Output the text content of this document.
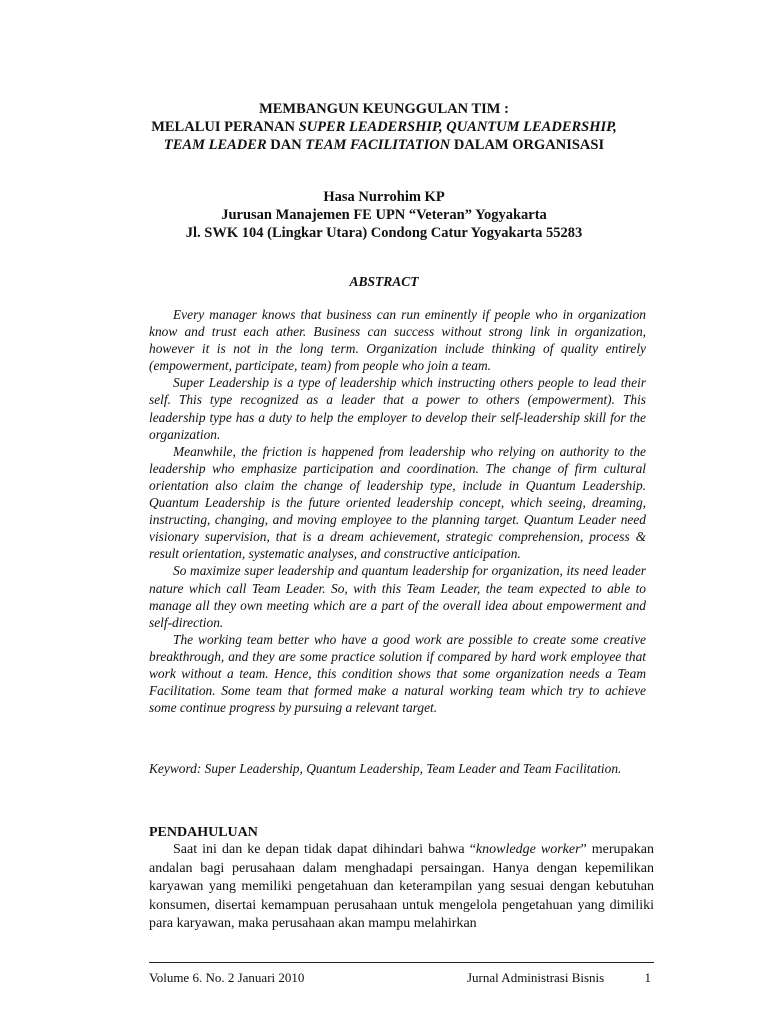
MEMBANGUN KEUNGGULAN TIM :
MELALUI PERANAN SUPER LEADERSHIP, QUANTUM LEADERSHIP,
TEAM LEADER DAN TEAM FACILITATION DALAM ORGANISASI
Hasa Nurrohim KP
Jurusan Manajemen FE UPN “Veteran” Yogyakarta
Jl. SWK 104 (Lingkar Utara) Condong Catur Yogyakarta 55283
ABSTRACT

Every manager knows that business can run eminently if people who in organization know and trust each ather. Business can success without strong link in organization, however it is not in the long term. Organization include thinking of quality entirely (empowerment, participate, team) from people who join a team.

Super Leadership is a type of leadership which instructing others people to lead their self. This type recognized as a leader that a power to others (empowerment). This leadership type has a duty to help the employer to develop their self-leadership skill for the organization.

Meanwhile, the friction is happened from leadership who relying on authority to the leadership who emphasize participation and coordination. The change of firm cultural orientation also claim the change of leadership type, include in Quantum Leadership. Quantum Leadership is the future oriented leadership concept, which seeing, dreaming, instructing, changing, and moving employee to the planning target. Quantum Leader need visionary supervision, that is a dream achievement, strategic comprehension, process & result orientation, systematic analyses, and constructive anticipation.

So maximize super leadership and quantum leadership for organization, its need leader nature which call Team Leader. So, with this Team Leader, the team expected to able to manage all they own meeting which are a part of the overall idea about empowerment and self-direction.

The working team better who have a good work are possible to create some creative breakthrough, and they are some practice solution if compared by hard work employee that work without a team. Hence, this condition shows that some organization needs a Team Facilitation. Some team that formed make a natural working team which try to achieve some continue progress by pursuing a relevant target.

Keyword: Super Leadership, Quantum Leadership, Team Leader and Team Facilitation.
PENDAHULUAN

Saat ini dan ke depan tidak dapat dihindari bahwa “knowledge worker” merupakan andalan bagi perusahaan dalam menghadapi persaingan. Hanya dengan kepemilikan karyawan yang memiliki pengetahuan dan keterampilan yang sesuai dengan kebutuhan konsumen, disertai kemampuan perusahaan untuk mengelola pengetahuan yang dimiliki para karyawan, maka perusahaan akan mampu melahirkan

Volume 6. No. 2 Januari 2010	Jurnal Administrasi Bisnis	1
